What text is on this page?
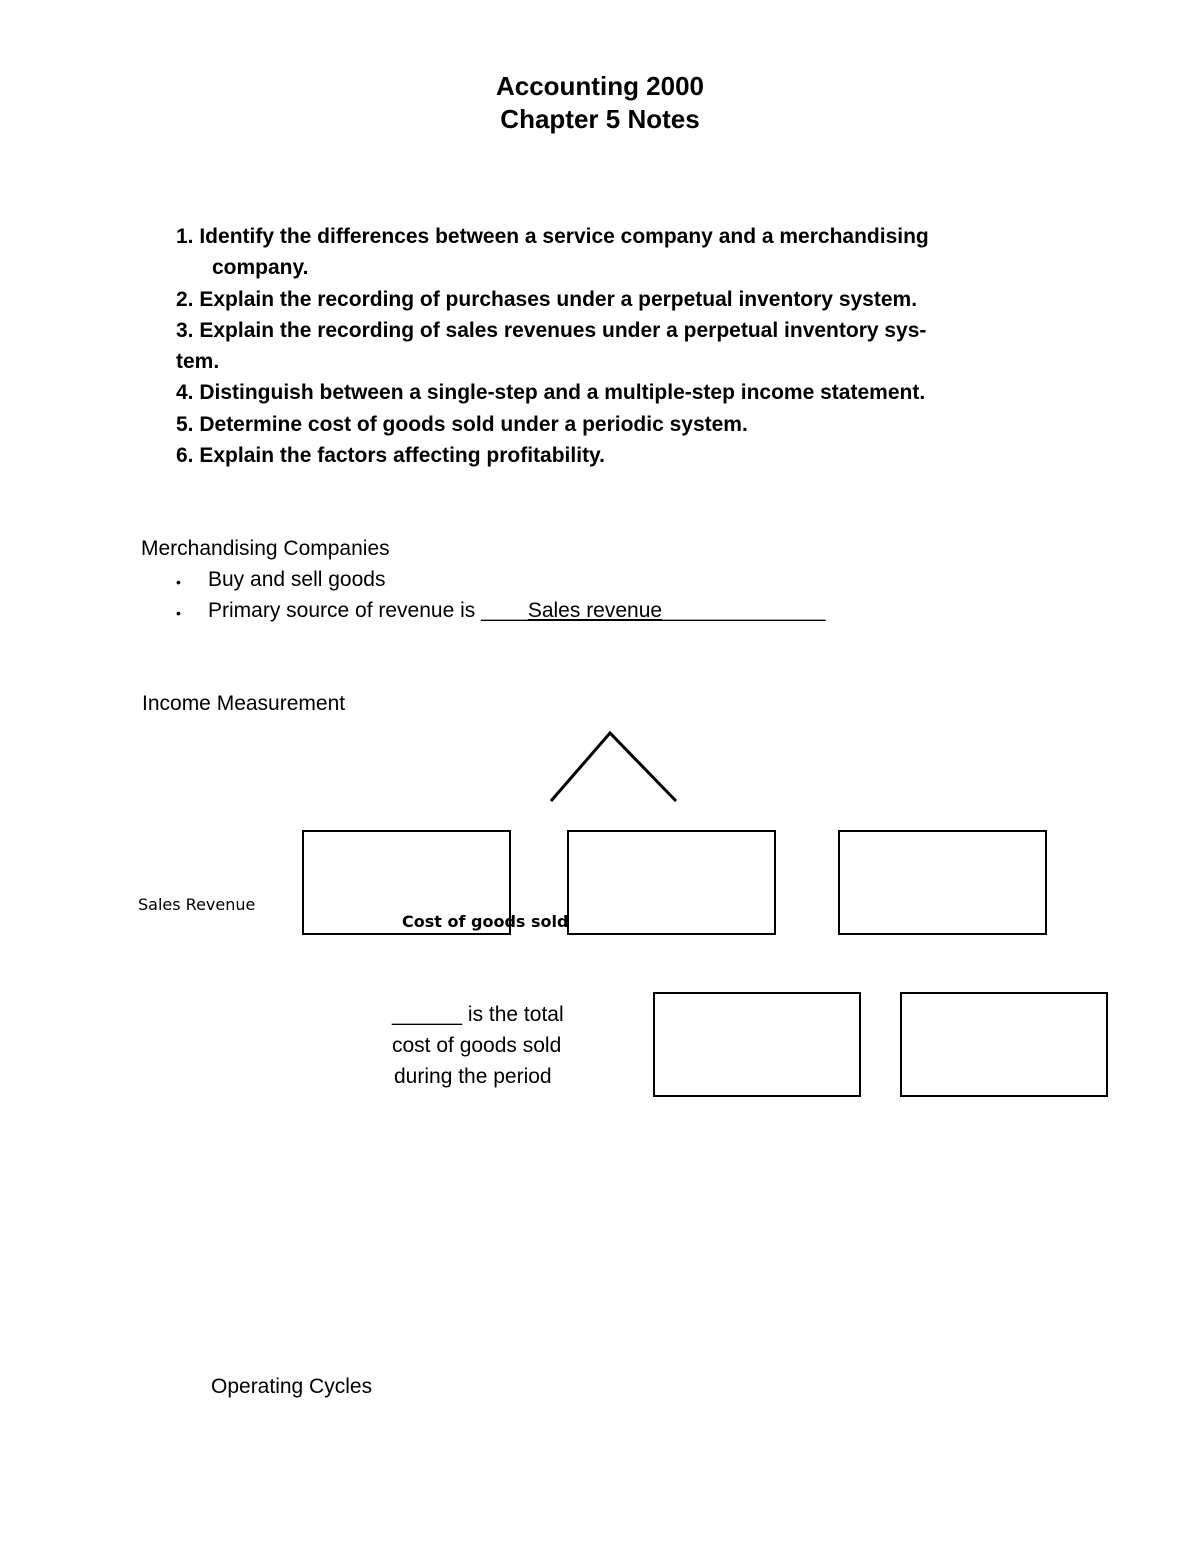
Accounting 2000
Chapter 5 Notes
1. Identify the differences between a service company and a merchandising
company.
2. Explain the recording of purchases under a perpetual inventory system.
3. Explain the recording of sales revenues under a perpetual inventory sys-
tem.
4. Distinguish between a single-step and a multiple-step income statement.
5. Determine cost of goods sold under a periodic system.
6. Explain the factors affecting profitability.
Merchandising Companies
• Buy and sell goods
• Primary source of revenue is ____Sales revenue______________
Income Measurement
Sales Revenue
Cost of goods sold
______ is the total
cost of goods sold
during the period
Operating Cycles
